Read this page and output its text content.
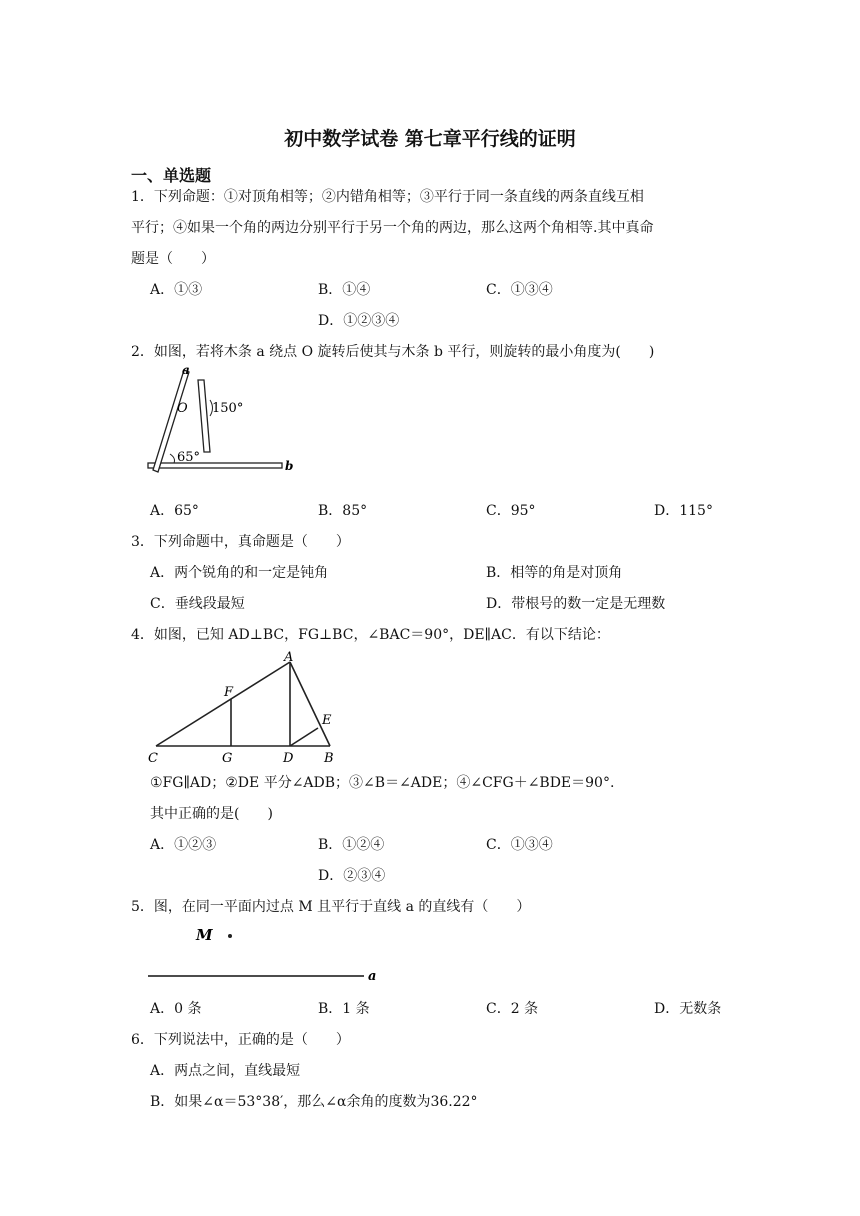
初中数学试卷 第七章平行线的证明
一、单选题
1．下列命题：①对顶角相等；②内错角相等；③平行于同一条直线的两条直线互相
平行；④如果一个角的两边分别平行于另一个角的两边，那么这两个角相等.其中真命
题是（　　）
A．①③	B．①④	C．①③④
D．①②③④
2．如图，若将木条 a 绕点 O 旋转后使其与木条 b 平行，则旋转的最小角度为(　　)
a
O 150°
65°
b
A．65°	B．85°	C．95°	D．115°
3．下列命题中，真命题是（　　）
A．两个锐角的和一定是钝角	B．相等的角是对顶角
C．垂线段最短	D．带根号的数一定是无理数
4．如图，已知 AD⊥BC，FG⊥BC，∠BAC＝90°，DE∥AC．有以下结论：
A
F
E
C	G	D B
①FG∥AD；②DE 平分∠ADB；③∠B＝∠ADE；④∠CFG＋∠BDE＝90°.
其中正确的是(　　)
A．①②③	B．①②④	C．①③④
D．②③④
5．图，在同一平面内过点 M 且平行于直线 a 的直线有（　　）
M
a
A．0 条	B．1 条	C．2 条	D．无数条
6．下列说法中，正确的是（　　）
A．两点之间，直线最短
B．如果∠α＝53°38′，那么∠α余角的度数为36.22°
